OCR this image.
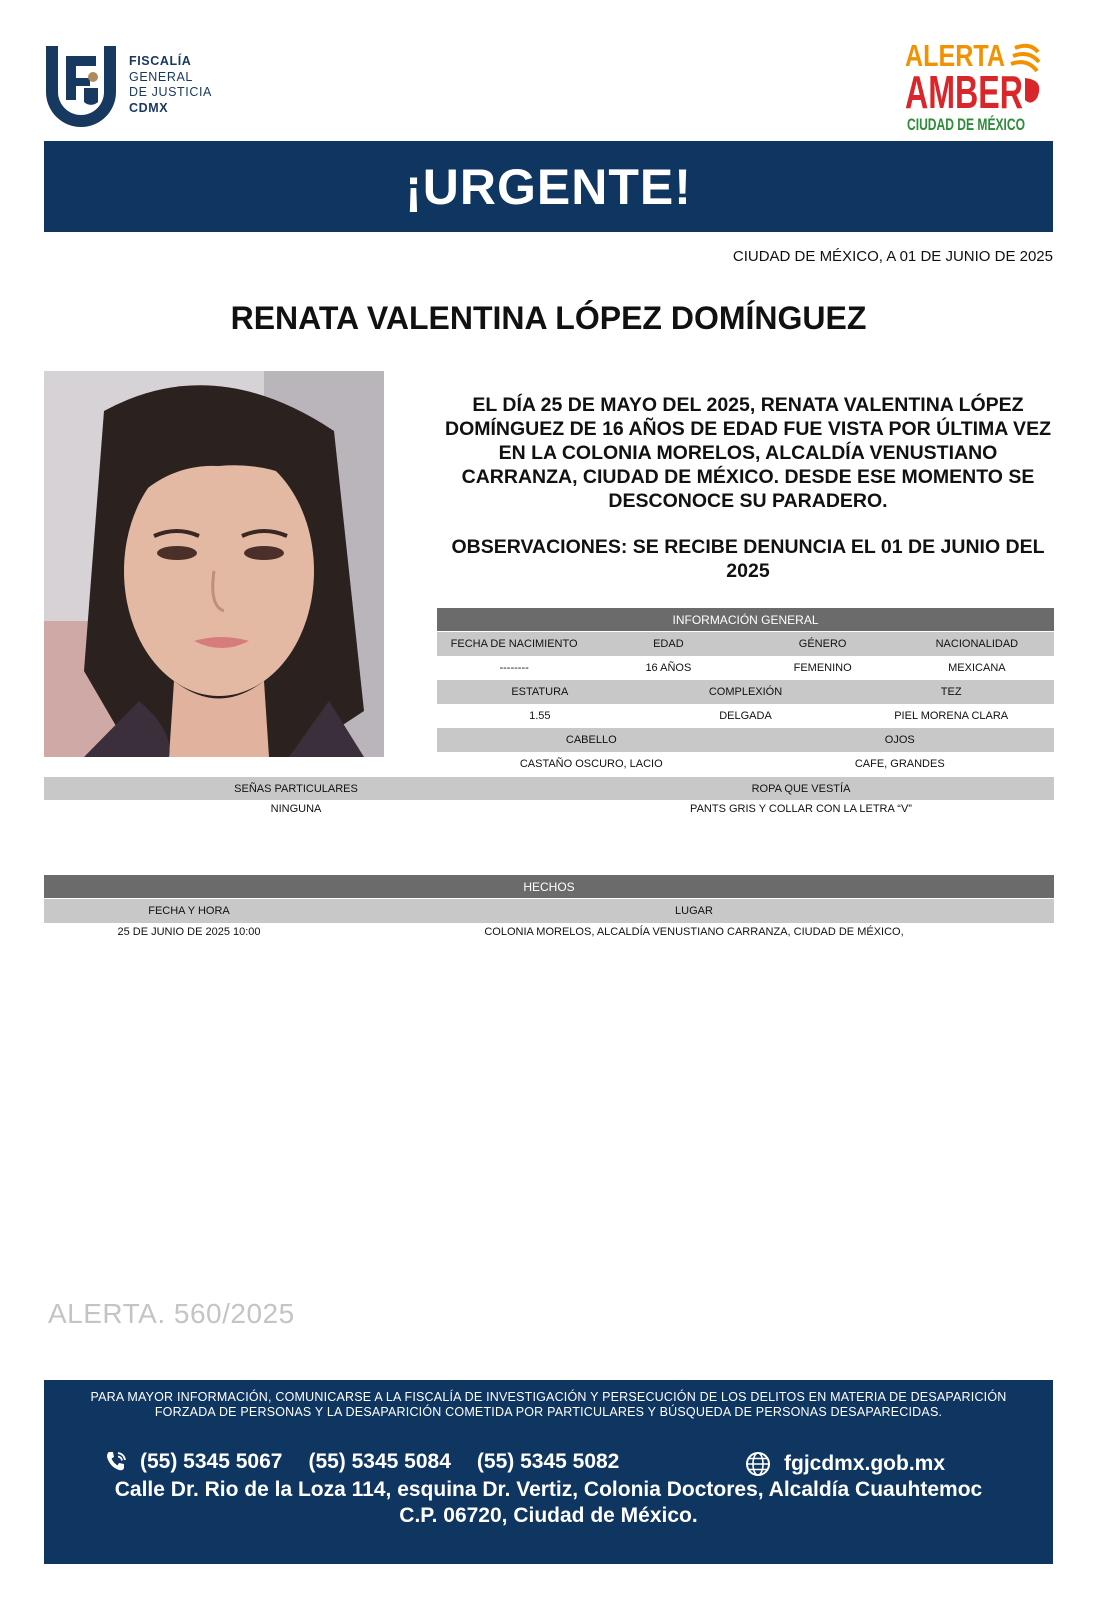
FISCALÍA
GENERAL
DE JUSTICIA
CDMX
ALERTA
AMBER
CIUDAD DE MÉXICO
¡URGENTE!
CIUDAD DE MÉXICO, A 01 DE JUNIO DE 2025
RENATA VALENTINA LÓPEZ DOMÍNGUEZ
EL DÍA 25 DE MAYO DEL 2025, RENATA VALENTINA LÓPEZ DOMÍNGUEZ DE 16 AÑOS DE EDAD FUE VISTA POR ÚLTIMA VEZ EN LA COLONIA MORELOS, ALCALDÍA VENUSTIANO CARRANZA, CIUDAD DE MÉXICO. DESDE ESE MOMENTO SE DESCONOCE SU PARADERO.
OBSERVACIONES: SE RECIBE DENUNCIA EL 01 DE JUNIO DEL 2025
INFORMACIÓN GENERAL
FECHA DE NACIMIENTO	EDAD	GÉNERO	NACIONALIDAD
--------	16 AÑOS	FEMENINO	MEXICANA
ESTATURA	COMPLEXIÓN	TEZ
1.55	DELGADA	PIEL MORENA CLARA
CABELLO	OJOS
CASTAÑO OSCURO, LACIO	CAFE, GRANDES
SEÑAS PARTICULARES	ROPA QUE VESTÍA
NINGUNA	PANTS GRIS Y COLLAR CON LA LETRA “V”
HECHOS
FECHA Y HORA	LUGAR
25 DE JUNIO DE 2025 10:00	COLONIA MORELOS, ALCALDÍA VENUSTIANO CARRANZA, CIUDAD DE MÉXICO,
ALERTA. 560/2025
PARA MAYOR INFORMACIÓN, COMUNICARSE A LA FISCALÍA DE INVESTIGACIÓN Y PERSECUCIÓN DE LOS DELITOS EN MATERIA DE DESAPARICIÓN
FORZADA DE PERSONAS Y LA DESAPARICIÓN COMETIDA POR PARTICULARES Y BÚSQUEDA DE PERSONAS DESAPARECIDAS.
(55) 5345 5067 (55) 5345 5084 (55) 5345 5082	fgjcdmx.gob.mx
Calle Dr. Rio de la Loza 114, esquina Dr. Vertiz, Colonia Doctores, Alcaldía Cuauhtemoc
C.P. 06720, Ciudad de México.
